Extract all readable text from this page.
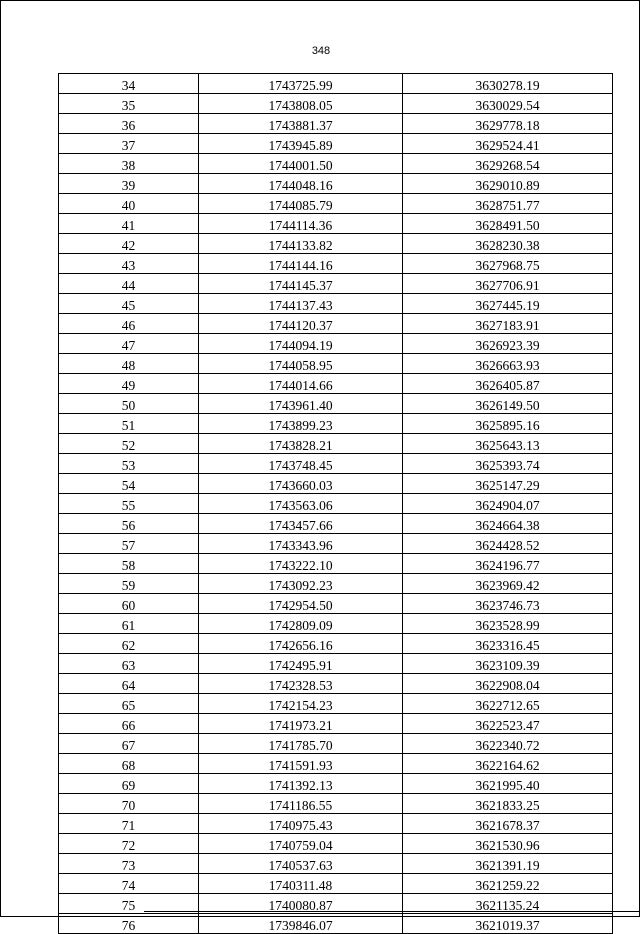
348
34	1743725.99	3630278.19
35	1743808.05	3630029.54
36	1743881.37	3629778.18
37	1743945.89	3629524.41
38	1744001.50	3629268.54
39	1744048.16	3629010.89
40	1744085.79	3628751.77
41	1744114.36	3628491.50
42	1744133.82	3628230.38
43	1744144.16	3627968.75
44	1744145.37	3627706.91
45	1744137.43	3627445.19
46	1744120.37	3627183.91
47	1744094.19	3626923.39
48	1744058.95	3626663.93
49	1744014.66	3626405.87
50	1743961.40	3626149.50
51	1743899.23	3625895.16
52	1743828.21	3625643.13
53	1743748.45	3625393.74
54	1743660.03	3625147.29
55	1743563.06	3624904.07
56	1743457.66	3624664.38
57	1743343.96	3624428.52
58	1743222.10	3624196.77
59	1743092.23	3623969.42
60	1742954.50	3623746.73
61	1742809.09	3623528.99
62	1742656.16	3623316.45
63	1742495.91	3623109.39
64	1742328.53	3622908.04
65	1742154.23	3622712.65
66	1741973.21	3622523.47
67	1741785.70	3622340.72
68	1741591.93	3622164.62
69	1741392.13	3621995.40
70	1741186.55	3621833.25
71	1740975.43	3621678.37
72	1740759.04	3621530.96
73	1740537.63	3621391.19
74	1740311.48	3621259.22
75	1740080.87	3621135.24
76	1739846.07	3621019.37
